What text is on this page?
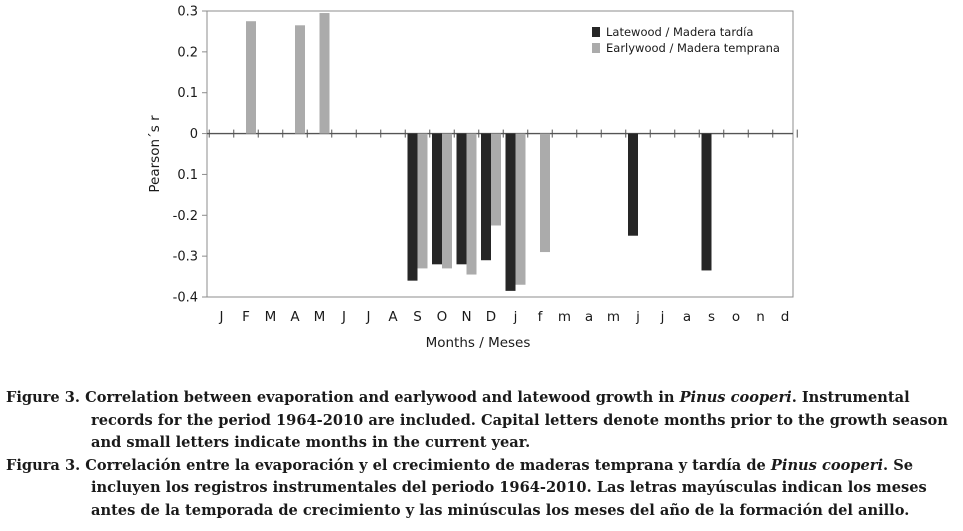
0.3
0.2
0.1
0
0.1
-0.2
-0.3
-0.4
J F M A M J J A S O N D j f m a m j j a s o n d
Latewood / Madera tardía
Earlywood / Madera temprana
Pearson´s r
Months / Meses

Figure 3. Correlation between evaporation and earlywood and latewood growth in Pinus cooperi. Instrumental records for the period 1964-2010 are included. Capital letters denote months prior to the growth season and small letters indicate months in the current year.

Figura 3. Correlación entre la evaporación y el crecimiento de maderas temprana y tardía de Pinus cooperi. Se incluyen los registros instrumentales del periodo 1964-2010. Las letras mayúsculas indican los meses antes de la temporada de crecimiento y las minúsculas los meses del año de la formación del anillo.
